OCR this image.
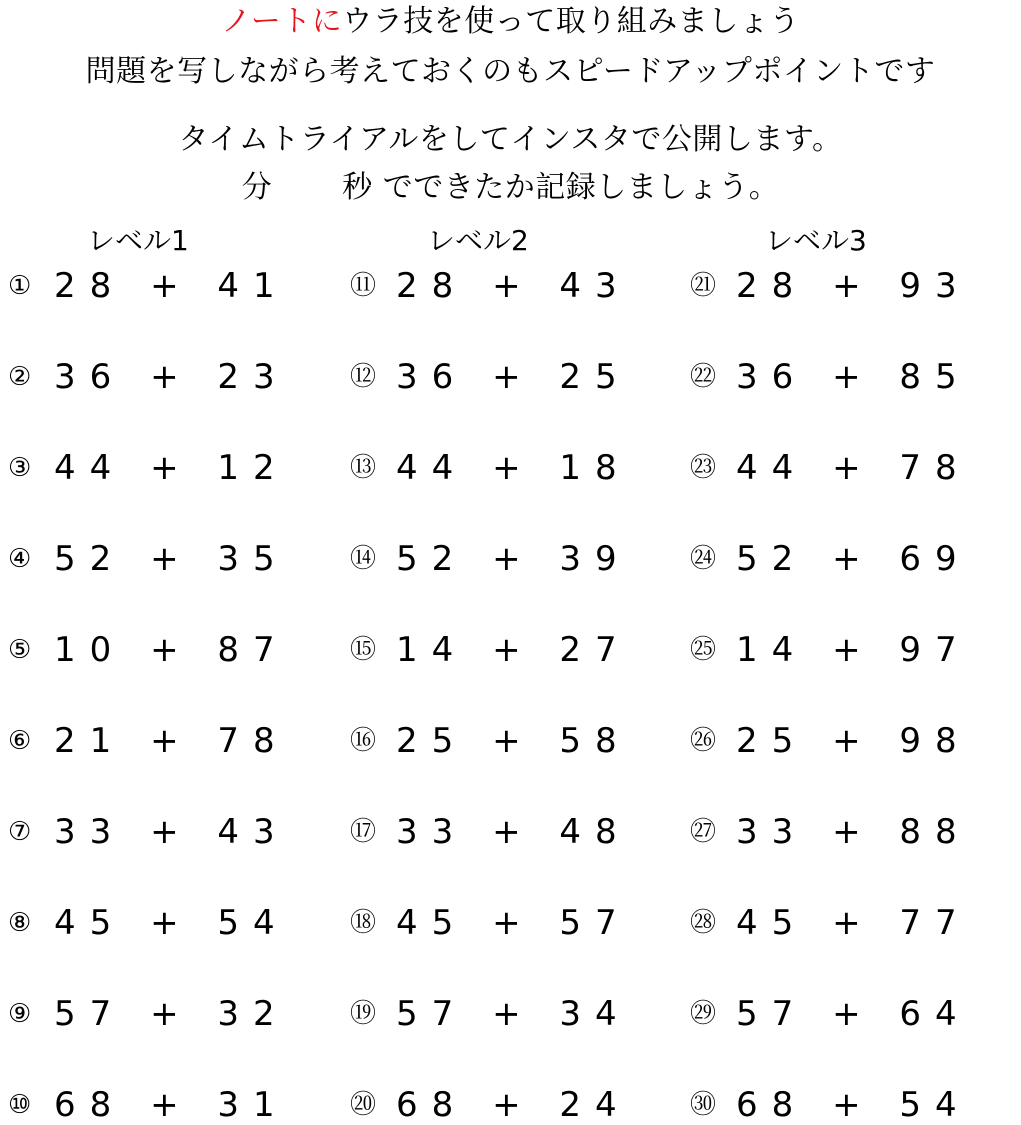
ノートにウラ技を使って取り組みましょう
問題を写しながら考えておくのもスピードアップポイントです
タイムトライアルをしてインスタで公開します。
分 秒 でできたか記録しましょう。
レベル1	レベル2	レベル3
① 28 + 41
② 36 + 23
③ 44 + 12
④ 52 + 35
⑤ 10 + 87
⑥ 21 + 78
⑦ 33 + 43
⑧ 45 + 54
⑨ 57 + 32
⑩ 68 + 31
⑪ 28 + 43
⑫ 36 + 25
⑬ 44 + 18
⑭ 52 + 39
⑮ 14 + 27
⑯ 25 + 58
⑰ 33 + 48
⑱ 45 + 57
⑲ 57 + 34
⑳ 68 + 24
㉑ 28 + 93
㉒ 36 + 85
㉓ 44 + 78
㉔ 52 + 69
㉕ 14 + 97
㉖ 25 + 98
㉗ 33 + 88
㉘ 45 + 77
㉙ 57 + 64
㉚ 68 + 54
